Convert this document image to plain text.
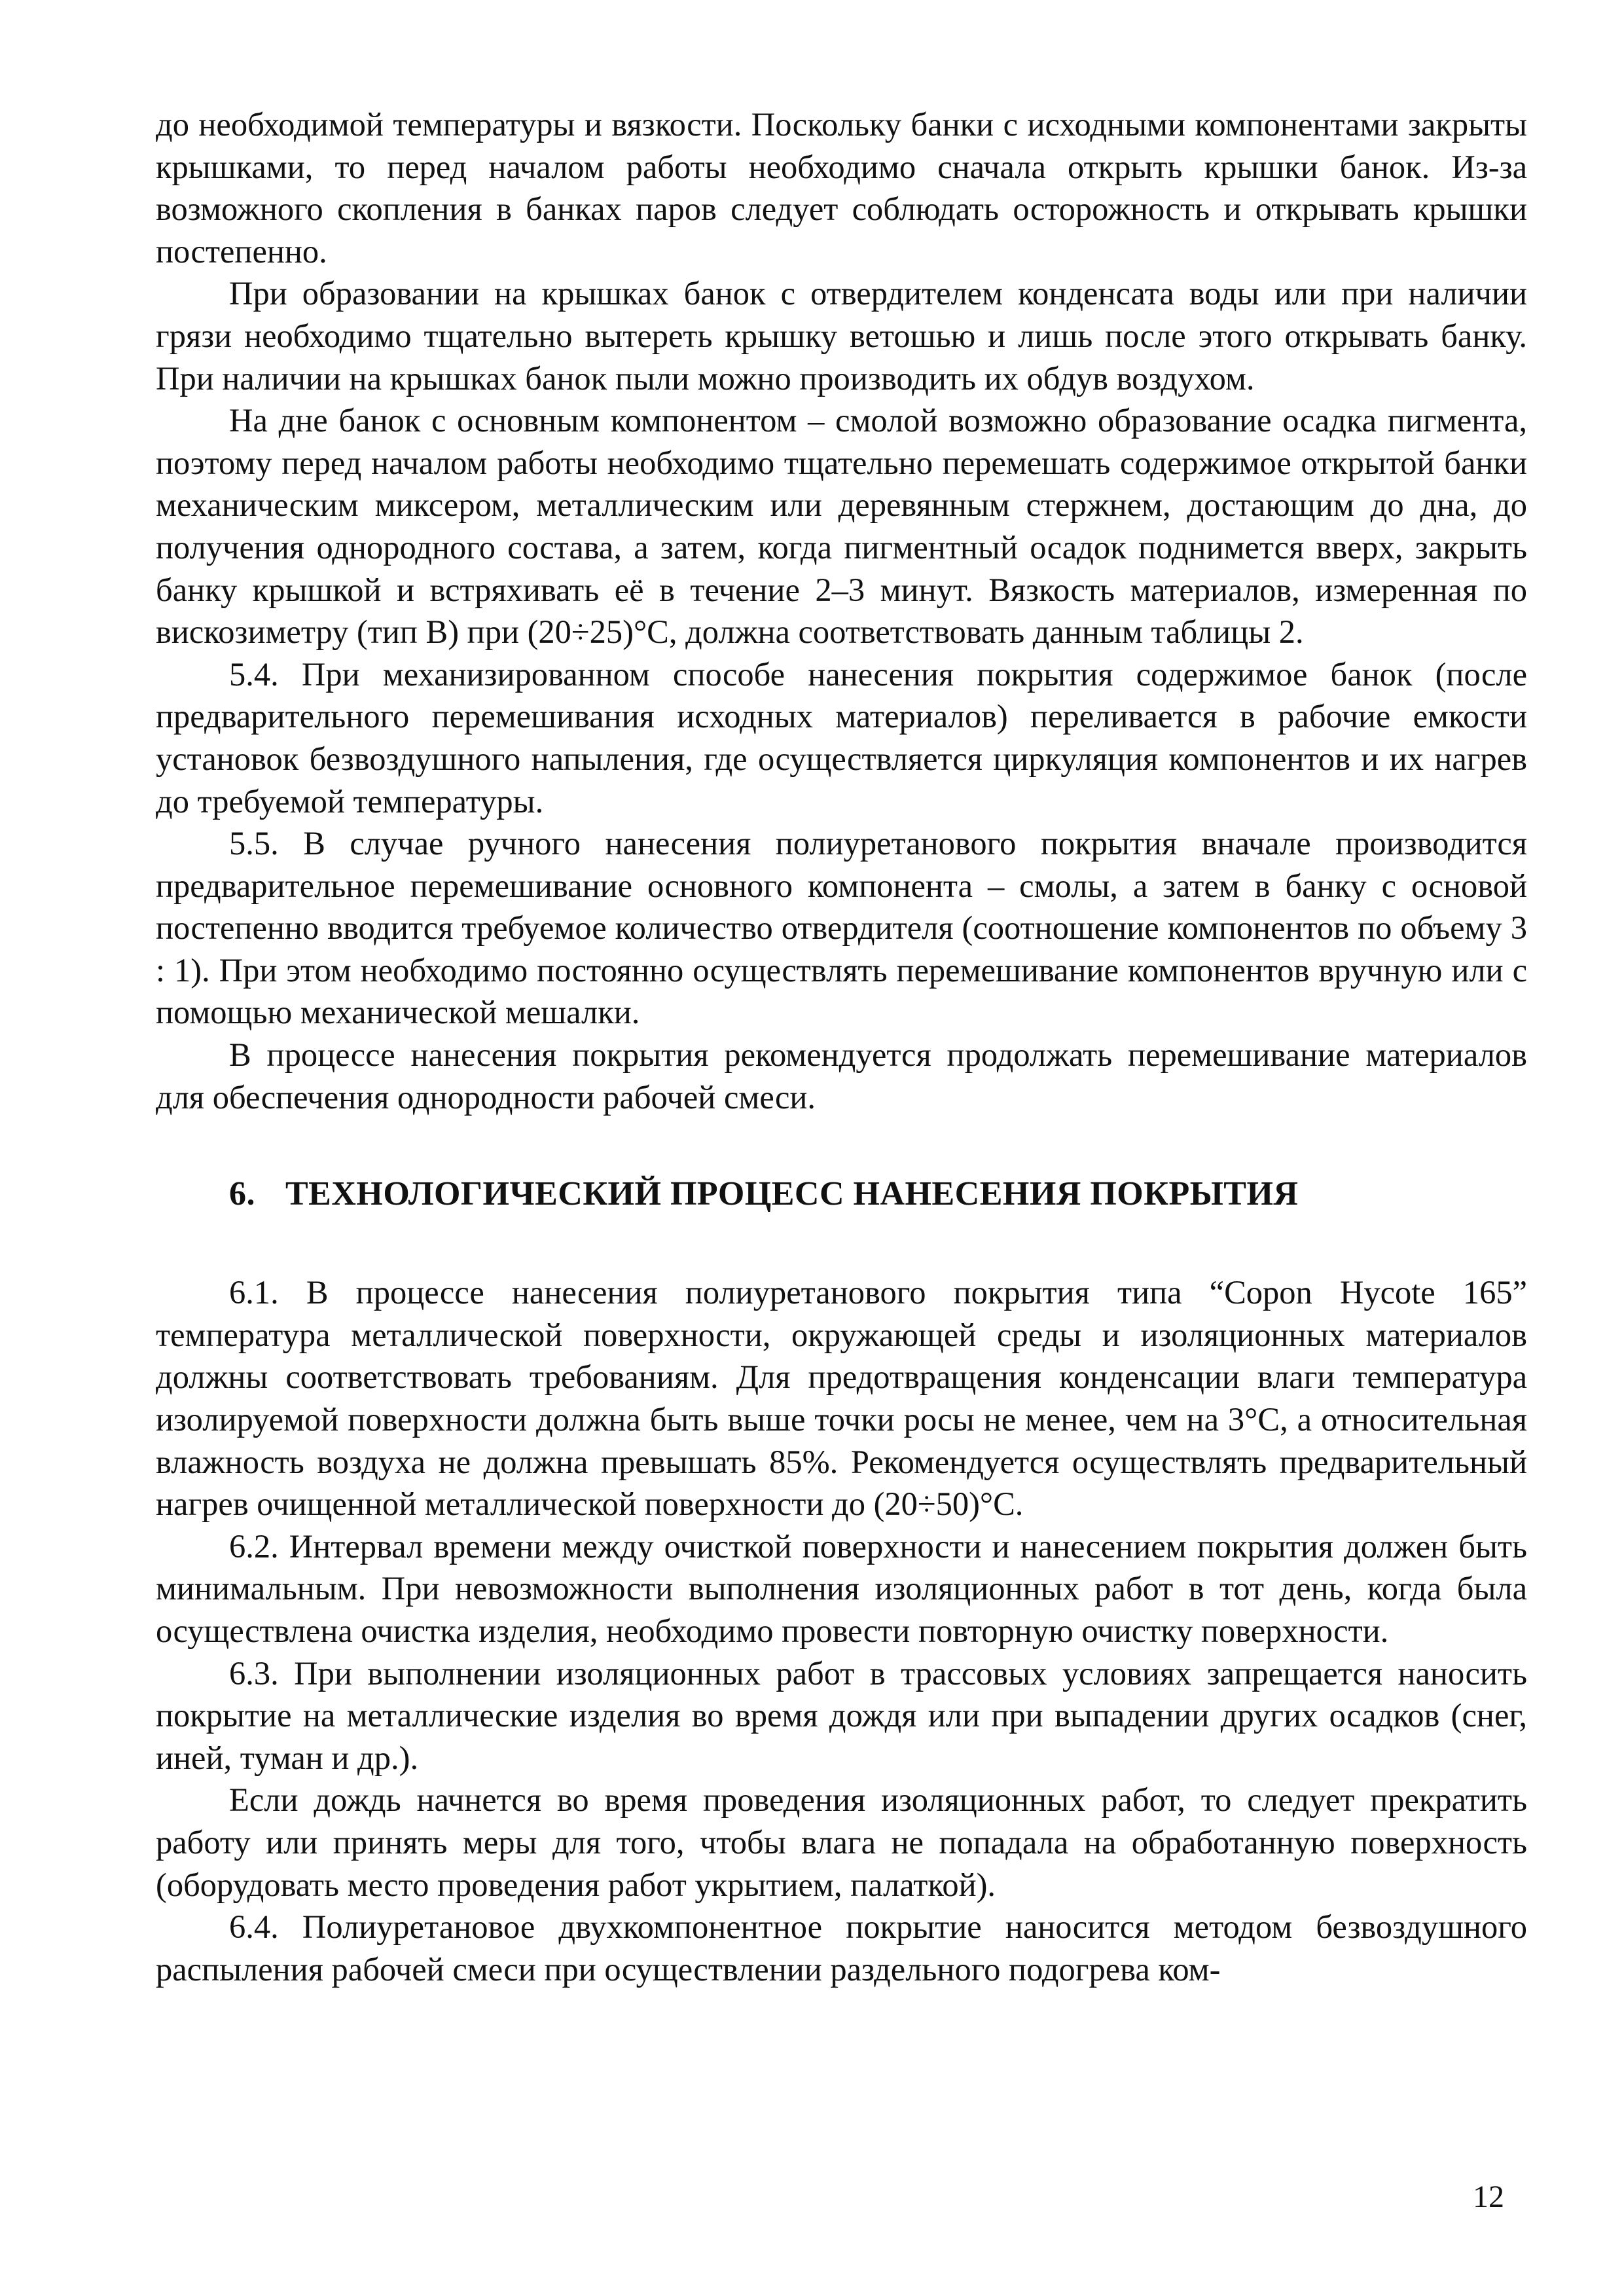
до необходимой температуры и вязкости. Поскольку банки с исходными компонентами закрыты крышками, то перед началом работы необходимо сначала открыть крышки банок. Из-за возможного скопления в банках паров следует соблюдать осторожность и открывать крышки постепенно.

При образовании на крышках банок с отвердителем конденсата воды или при наличии грязи необходимо тщательно вытереть крышку ветошью и лишь после этого открывать банку. При наличии на крышках банок пыли можно производить их обдув воздухом.

На дне банок с основным компонентом – смолой возможно образование осадка пигмента, поэтому перед началом работы необходимо тщательно перемешать содержимое открытой банки механическим миксером, металлическим или деревянным стержнем, достающим до дна, до получения однородного состава, а затем, когда пигментный осадок поднимется вверх, закрыть банку крышкой и встряхивать её в течение 2–3 минут. Вязкость материалов, измеренная по вискозиметру (тип В) при (20÷25)°С, должна соответствовать данным таблицы 2.

5.4. При механизированном способе нанесения покрытия содержимое банок (после предварительного перемешивания исходных материалов) переливается в рабочие емкости установок безвоздушного напыления, где осуществляется циркуляция компонентов и их нагрев до требуемой температуры.

5.5. В случае ручного нанесения полиуретанового покрытия вначале производится предварительное перемешивание основного компонента – смолы, а затем в банку с основой постепенно вводится требуемое количество отвердителя (соотношение компонентов по объему 3 : 1). При этом необходимо постоянно осуществлять перемешивание компонентов вручную или с помощью механической мешалки.

В процессе нанесения покрытия рекомендуется продолжать перемешивание материалов для обеспечения однородности рабочей смеси.

6. ТЕХНОЛОГИЧЕСКИЙ ПРОЦЕСС НАНЕСЕНИЯ ПОКРЫТИЯ

6.1. В процессе нанесения полиуретанового покрытия типа “Copon Hycote 165” температура металлической поверхности, окружающей среды и изоляционных материалов должны соответствовать требованиям. Для предотвращения конденсации влаги температура изолируемой поверхности должна быть выше точки росы не менее, чем на 3°С, а относительная влажность воздуха не должна превышать 85%. Рекомендуется осуществлять предварительный нагрев очищенной металлической поверхности до (20÷50)°С.

6.2. Интервал времени между очисткой поверхности и нанесением покрытия должен быть минимальным. При невозможности выполнения изоляционных работ в тот день, когда была осуществлена очистка изделия, необходимо провести повторную очистку поверхности.

6.3. При выполнении изоляционных работ в трассовых условиях запрещается наносить покрытие на металлические изделия во время дождя или при выпадении других осадков (снег, иней, туман и др.).

Если дождь начнется во время проведения изоляционных работ, то следует прекратить работу или принять меры для того, чтобы влага не попадала на обработанную поверхность (оборудовать место проведения работ укрытием, палаткой).

6.4. Полиуретановое двухкомпонентное покрытие наносится методом безвоздушного распыления рабочей смеси при осуществлении раздельного подогрева ком-

12
